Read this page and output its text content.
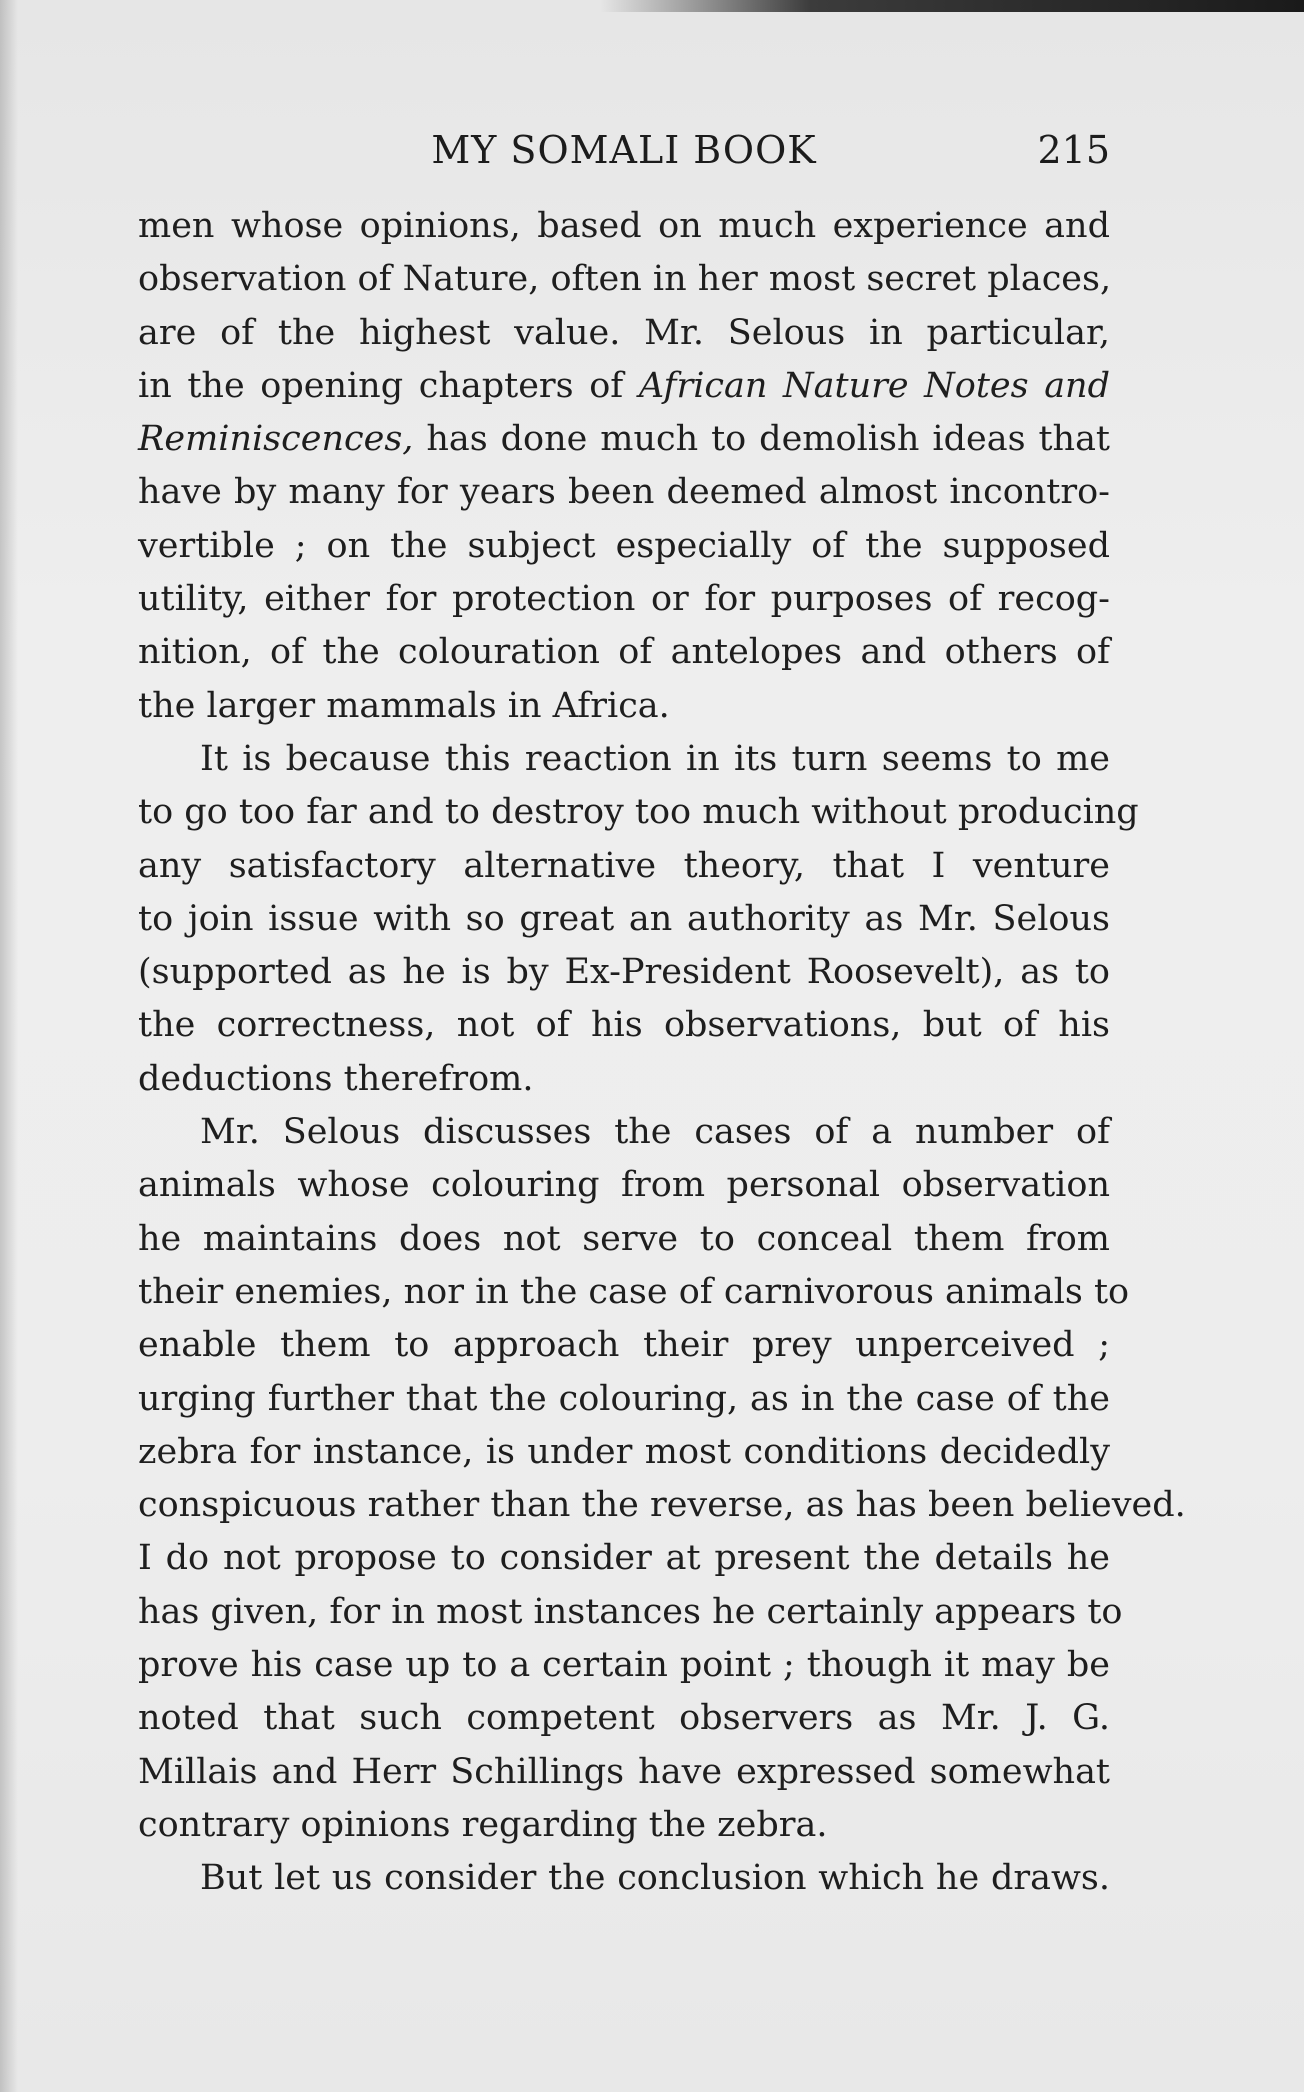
MY SOMALI BOOK	215
men whose opinions, based on much experience and
observation of Nature, often in her most secret places,
are of the highest value. Mr. Selous in particular,
in the opening chapters of African Nature Notes and
Reminiscences, has done much to demolish ideas that
have by many for years been deemed almost incontro-
vertible ; on the subject especially of the supposed
utility, either for protection or for purposes of recog-
nition, of the colouration of antelopes and others of
the larger mammals in Africa.
It is because this reaction in its turn seems to me
to go too far and to destroy too much without producing
any satisfactory alternative theory, that I venture
to join issue with so great an authority as Mr. Selous
(supported as he is by Ex-President Roosevelt), as to
the correctness, not of his observations, but of his
deductions therefrom.
Mr. Selous discusses the cases of a number of
animals whose colouring from personal observation
he maintains does not serve to conceal them from
their enemies, nor in the case of carnivorous animals to
enable them to approach their prey unperceived ;
urging further that the colouring, as in the case of the
zebra for instance, is under most conditions decidedly
conspicuous rather than the reverse, as has been believed.
I do not propose to consider at present the details he
has given, for in most instances he certainly appears to
prove his case up to a certain point ; though it may be
noted that such competent observers as Mr. J. G.
Millais and Herr Schillings have expressed somewhat
contrary opinions regarding the zebra.
But let us consider the conclusion which he draws.
